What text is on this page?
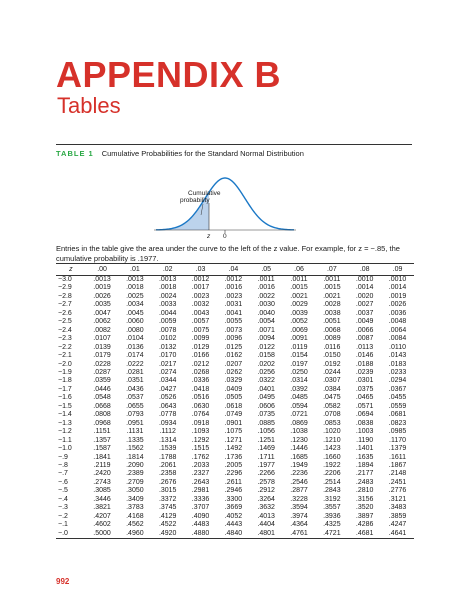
APPENDIX B
Tables
TABLE 1 Cumulative Probabilities for the Standard Normal Distribution
Cumulative
probability
z 0
Entries in the table give the area under the curve to the left of the z value. For example, for z = −.85, the cumulative probability is .1977.
z	.00	.01	.02	.03	.04	.05	.06	.07	.08	.09
−3.0	.0013	.0013	.0013	.0012	.0012	.0011	.0011	.0011	.0010	.0010
−2.9	.0019	.0018	.0018	.0017	.0016	.0016	.0015	.0015	.0014	.0014
−2.8	.0026	.0025	.0024	.0023	.0023	.0022	.0021	.0021	.0020	.0019
−2.7	.0035	.0034	.0033	.0032	.0031	.0030	.0029	.0028	.0027	.0026
−2.6	.0047	.0045	.0044	.0043	.0041	.0040	.0039	.0038	.0037	.0036
−2.5	.0062	.0060	.0059	.0057	.0055	.0054	.0052	.0051	.0049	.0048
−2.4	.0082	.0080	.0078	.0075	.0073	.0071	.0069	.0068	.0066	.0064
−2.3	.0107	.0104	.0102	.0099	.0096	.0094	.0091	.0089	.0087	.0084
−2.2	.0139	.0136	.0132	.0129	.0125	.0122	.0119	.0116	.0113	.0110
−2.1	.0179	.0174	.0170	.0166	.0162	.0158	.0154	.0150	.0146	.0143
−2.0	.0228	.0222	.0217	.0212	.0207	.0202	.0197	.0192	.0188	.0183
−1.9	.0287	.0281	.0274	.0268	.0262	.0256	.0250	.0244	.0239	.0233
−1.8	.0359	.0351	.0344	.0336	.0329	.0322	.0314	.0307	.0301	.0294
−1.7	.0446	.0436	.0427	.0418	.0409	.0401	.0392	.0384	.0375	.0367
−1.6	.0548	.0537	.0526	.0516	.0505	.0495	.0485	.0475	.0465	.0455
−1.5	.0668	.0655	.0643	.0630	.0618	.0606	.0594	.0582	.0571	.0559
−1.4	.0808	.0793	.0778	.0764	.0749	.0735	.0721	.0708	.0694	.0681
−1.3	.0968	.0951	.0934	.0918	.0901	.0885	.0869	.0853	.0838	.0823
−1.2	.1151	.1131	.1112	.1093	.1075	.1056	.1038	.1020	.1003	.0985
−1.1	.1357	.1335	.1314	.1292	.1271	.1251	.1230	.1210	.1190	.1170
−1.0	.1587	.1562	.1539	.1515	.1492	.1469	.1446	.1423	.1401	.1379
−.9	.1841	.1814	.1788	.1762	.1736	.1711	.1685	.1660	.1635	.1611
−.8	.2119	.2090	.2061	.2033	.2005	.1977	.1949	.1922	.1894	.1867
−.7	.2420	.2389	.2358	.2327	.2296	.2266	.2236	.2206	.2177	.2148
−.6	.2743	.2709	.2676	.2643	.2611	.2578	.2546	.2514	.2483	.2451
−.5	.3085	.3050	.3015	.2981	.2946	.2912	.2877	.2843	.2810	.2776
−.4	.3446	.3409	.3372	.3336	.3300	.3264	.3228	.3192	.3156	.3121
−.3	.3821	.3783	.3745	.3707	.3669	.3632	.3594	.3557	.3520	.3483
−.2	.4207	.4168	.4129	.4090	.4052	.4013	.3974	.3936	.3897	.3859
−.1	.4602	.4562	.4522	.4483	.4443	.4404	.4364	.4325	.4286	.4247
−.0	.5000	.4960	.4920	.4880	.4840	.4801	.4761	.4721	.4681	.4641
992
